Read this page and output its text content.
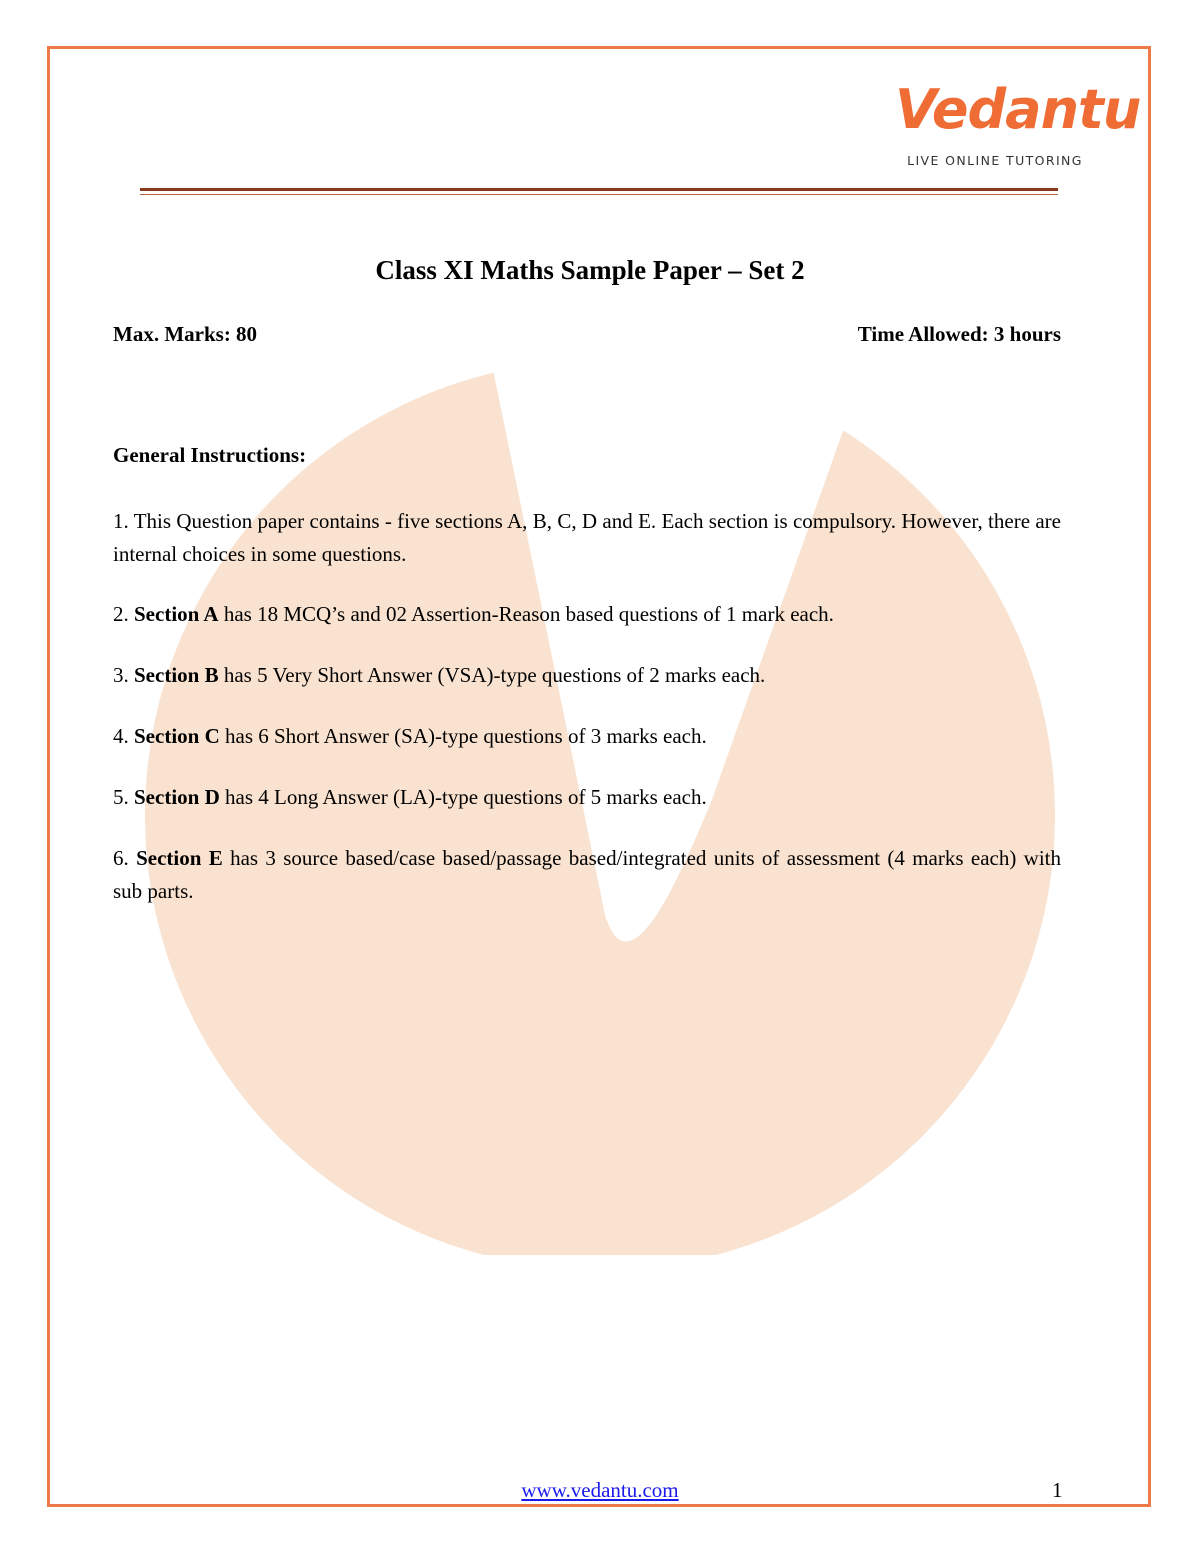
Vedantu
LIVE ONLINE TUTORING
Class XI Maths Sample Paper – Set 2
Max. Marks: 80	Time Allowed: 3 hours
General Instructions:
1. This Question paper contains - five sections A, B, C, D and E. Each section is compulsory. However, there are internal choices in some questions.
2. Section A has 18 MCQ’s and 02 Assertion-Reason based questions of 1 mark each.
3. Section B has 5 Very Short Answer (VSA)-type questions of 2 marks each.
4. Section C has 6 Short Answer (SA)-type questions of 3 marks each.
5. Section D has 4 Long Answer (LA)-type questions of 5 marks each.
6. Section E has 3 source based/case based/passage based/integrated units of assessment (4 marks each) with sub parts.
www.vedantu.com	1
